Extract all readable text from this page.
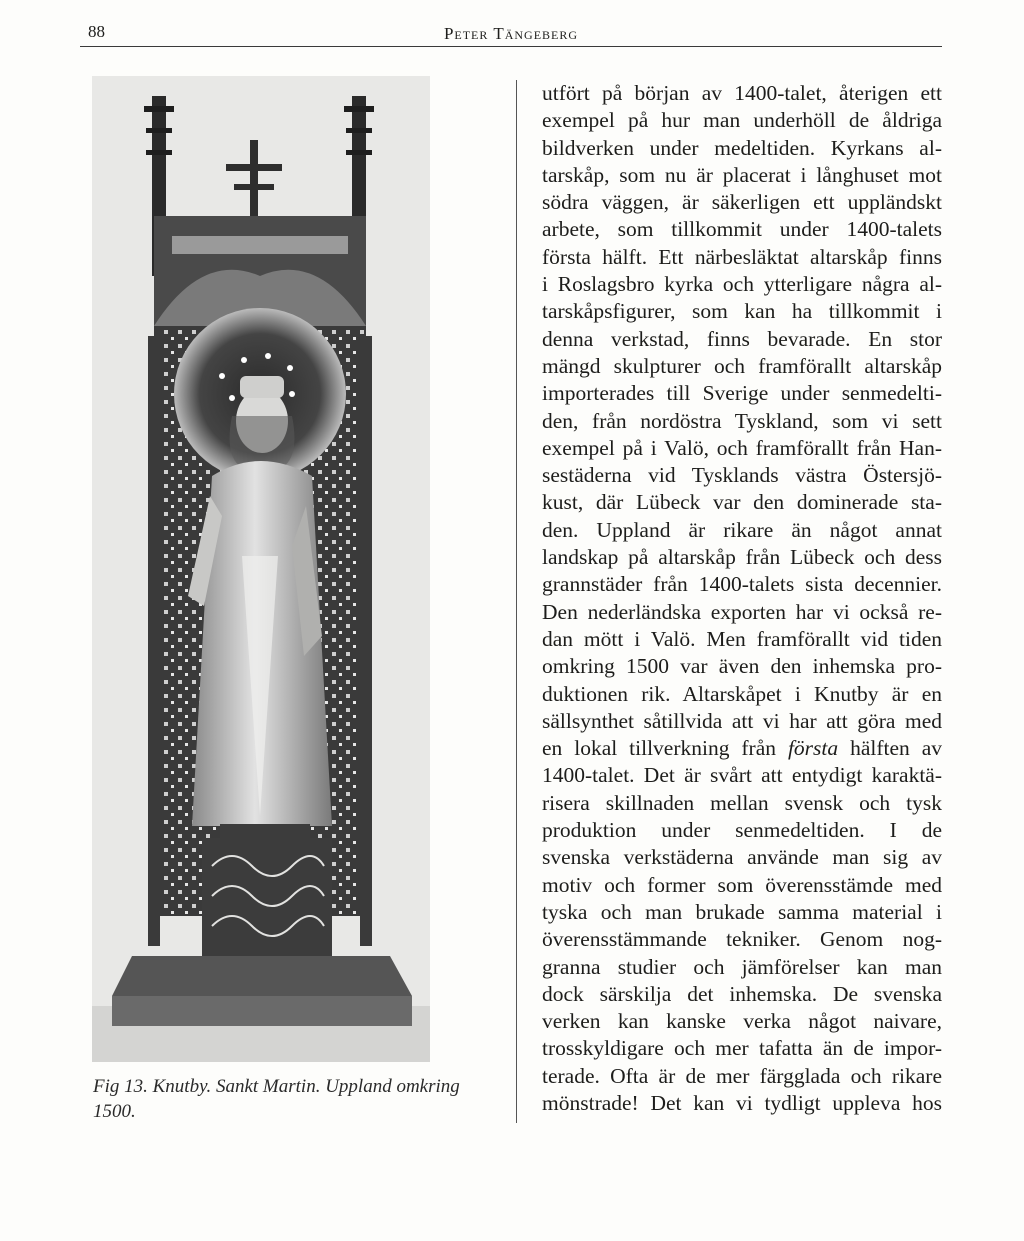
88	Peter Tängeberg
Fig 13. Knutby. Sankt Martin. Uppland omkring
1500.
utfört på början av 1400-talet, återigen ett
exempel på hur man underhöll de åldriga
bildverken under medeltiden. Kyrkans al-
tarskåp, som nu är placerat i långhuset mot
södra väggen, är säkerligen ett uppländskt
arbete, som tillkommit under 1400-talets
första hälft. Ett närbesläktat altarskåp finns
i Roslagsbro kyrka och ytterligare några al-
tarskåpsfigurer, som kan ha tillkommit i
denna verkstad, finns bevarade. En stor
mängd skulpturer och framförallt altarskåp
importerades till Sverige under senmedelti-
den, från nordöstra Tyskland, som vi sett
exempel på i Valö, och framförallt från Han-
sestäderna vid Tysklands västra Östersjö-
kust, där Lübeck var den dominerade sta-
den. Uppland är rikare än något annat
landskap på altarskåp från Lübeck och dess
grannstäder från 1400-talets sista decennier.
Den nederländska exporten har vi också re-
dan mött i Valö. Men framförallt vid tiden
omkring 1500 var även den inhemska pro-
duktionen rik. Altarskåpet i Knutby är en
sällsynthet såtillvida att vi har att göra med
en lokal tillverkning från första hälften av
1400-talet. Det är svårt att entydigt karaktä-
risera skillnaden mellan svensk och tysk
produktion under senmedeltiden. I de
svenska verkstäderna använde man sig av
motiv och former som överensstämde med
tyska och man brukade samma material i
överensstämmande tekniker. Genom nog-
granna studier och jämförelser kan man
dock särskilja det inhemska. De svenska
verken kan kanske verka något naivare,
trosskyldigare och mer tafatta än de impor-
terade. Ofta är de mer färgglada och rikare
mönstrade! Det kan vi tydligt uppleva hos
